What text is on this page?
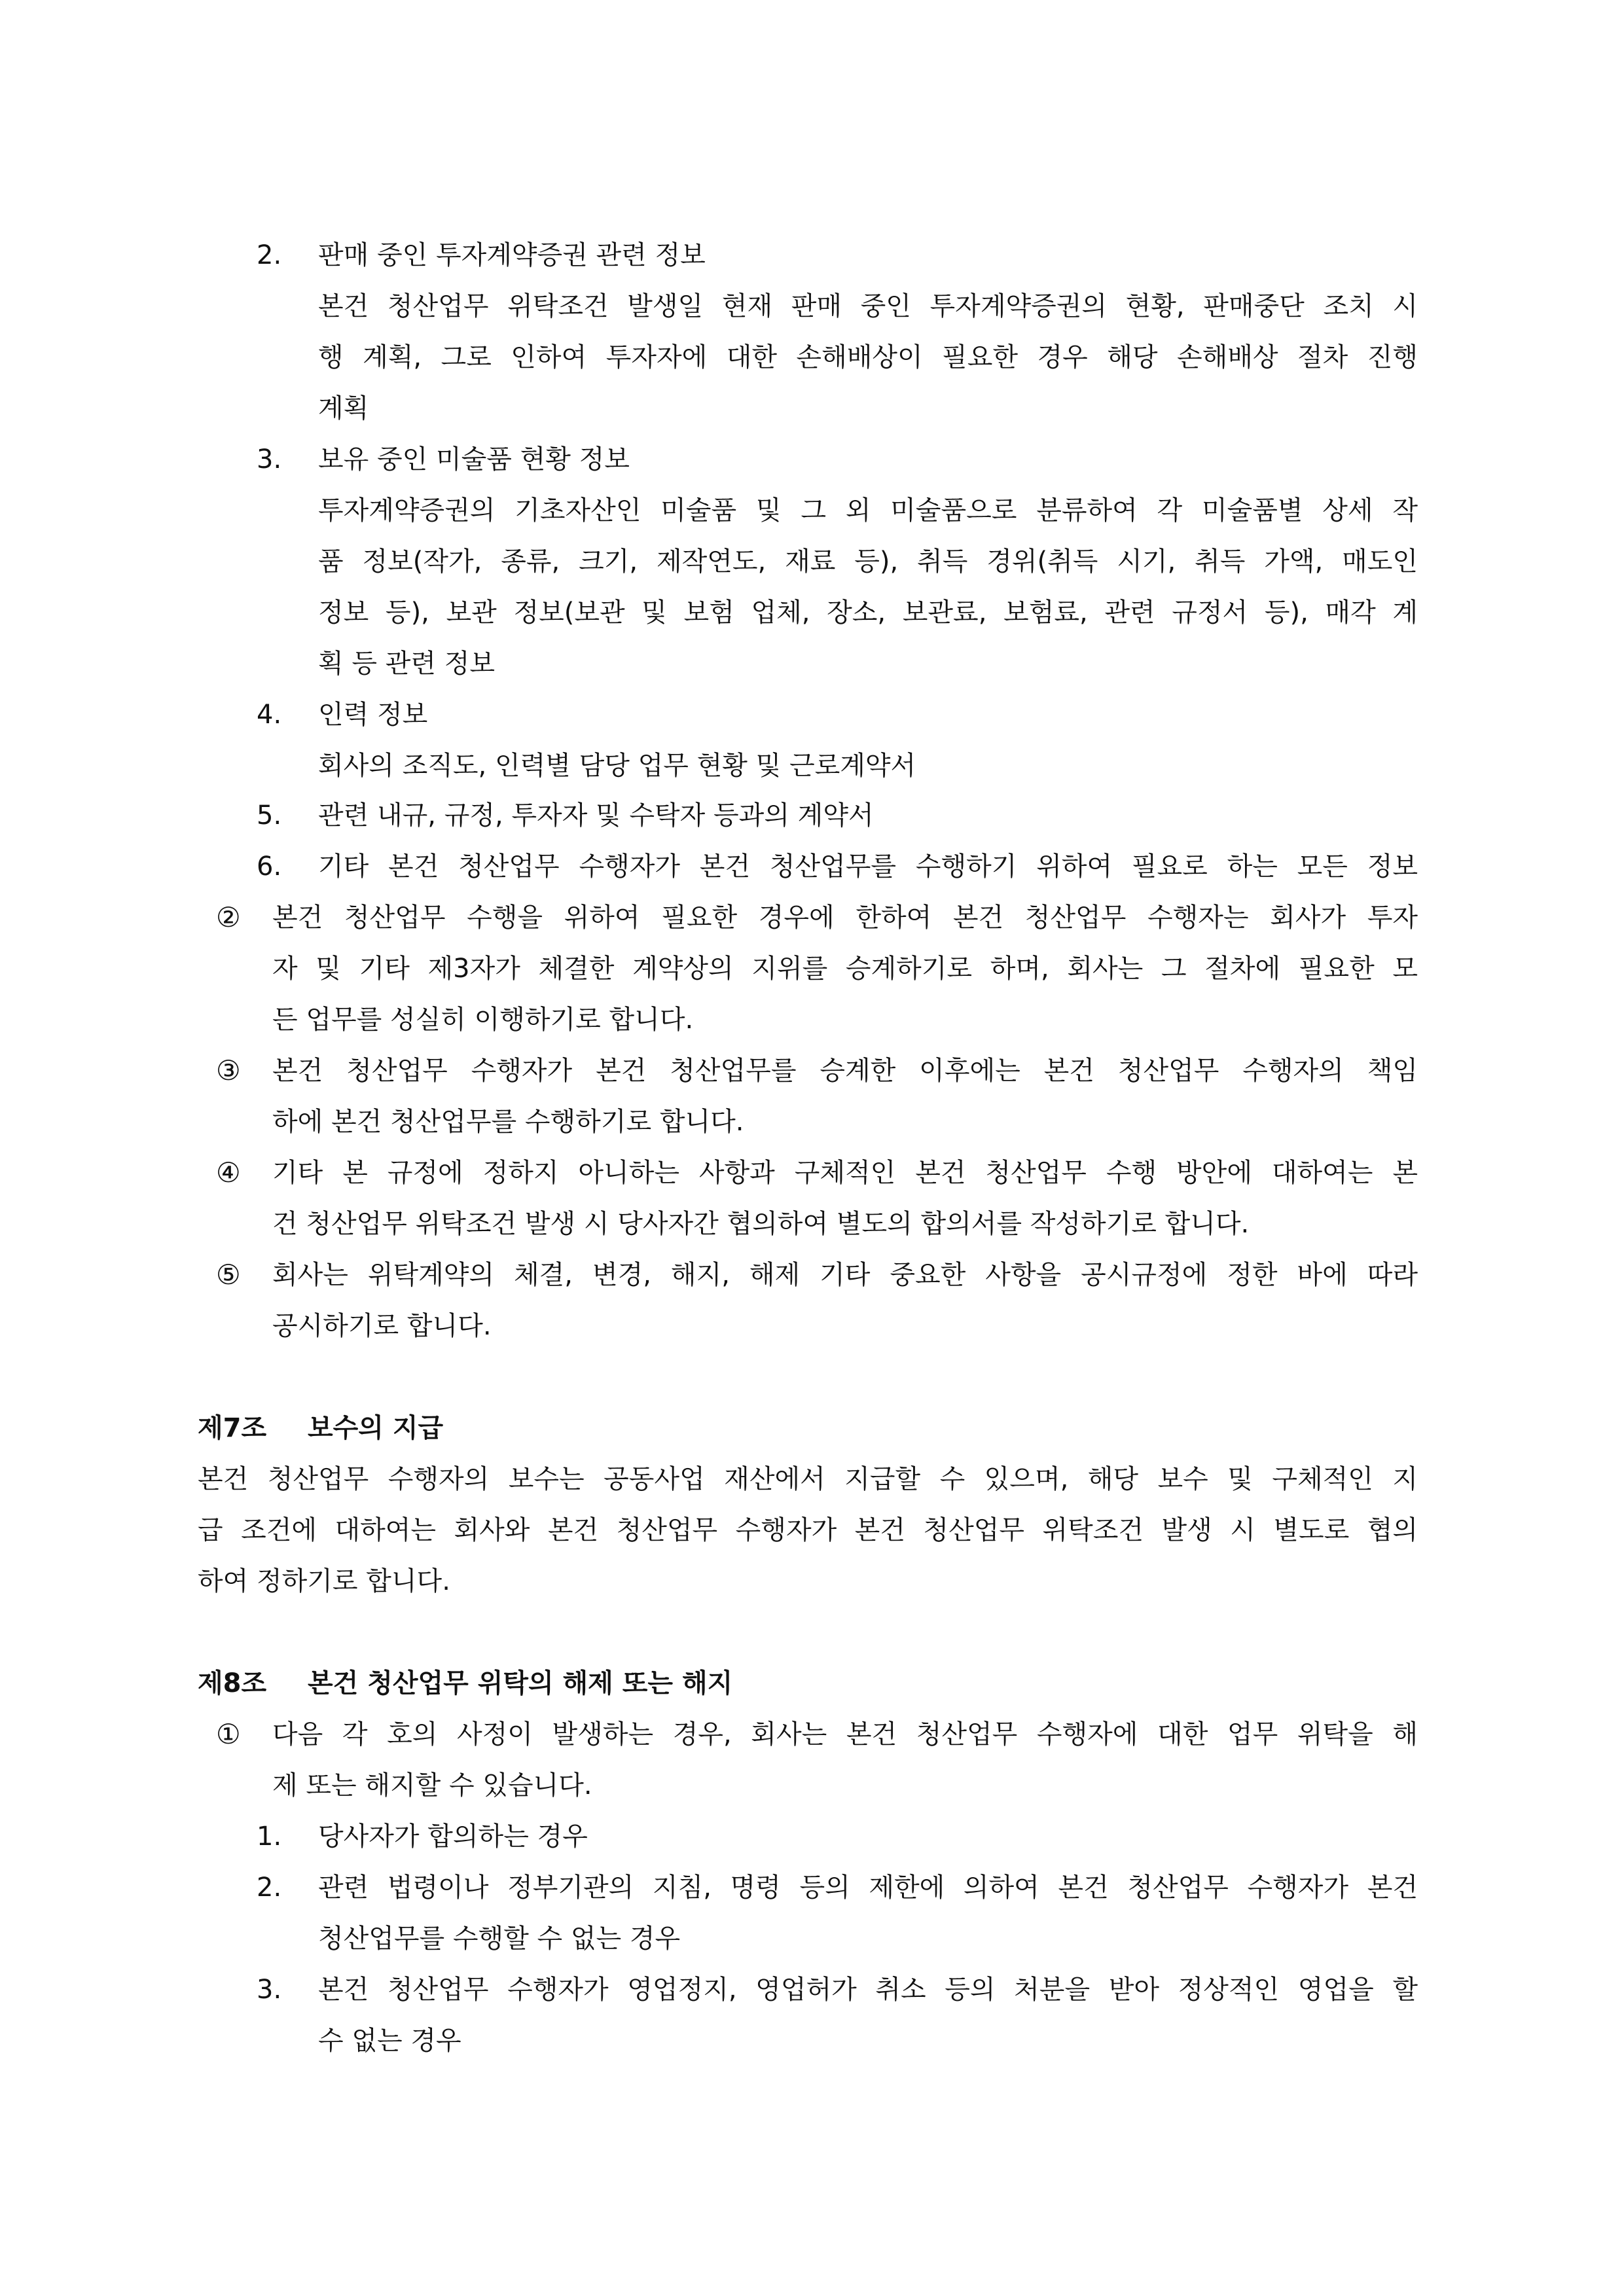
2. 판매 중인 투자계약증권 관련 정보
본건 청산업무 위탁조건 발생일 현재 판매 중인 투자계약증권의 현황, 판매중단 조치 시
행 계획, 그로 인하여 투자자에 대한 손해배상이 필요한 경우 해당 손해배상 절차 진행
계획
3. 보유 중인 미술품 현황 정보
투자계약증권의 기초자산인 미술품 및 그 외 미술품으로 분류하여 각 미술품별 상세 작
품 정보(작가, 종류, 크기, 제작연도, 재료 등), 취득 경위(취득 시기, 취득 가액, 매도인
정보 등), 보관 정보(보관 및 보험 업체, 장소, 보관료, 보험료, 관련 규정서 등), 매각 계
획 등 관련 정보
4. 인력 정보
회사의 조직도, 인력별 담당 업무 현황 및 근로계약서
5. 관련 내규, 규정, 투자자 및 수탁자 등과의 계약서
6. 기타 본건 청산업무 수행자가 본건 청산업무를 수행하기 위하여 필요로 하는 모든 정보
② 본건 청산업무 수행을 위하여 필요한 경우에 한하여 본건 청산업무 수행자는 회사가 투자
자 및 기타 제3자가 체결한 계약상의 지위를 승계하기로 하며, 회사는 그 절차에 필요한 모
든 업무를 성실히 이행하기로 합니다.
③ 본건 청산업무 수행자가 본건 청산업무를 승계한 이후에는 본건 청산업무 수행자의 책임
하에 본건 청산업무를 수행하기로 합니다.
④ 기타 본 규정에 정하지 아니하는 사항과 구체적인 본건 청산업무 수행 방안에 대하여는 본
건 청산업무 위탁조건 발생 시 당사자간 협의하여 별도의 합의서를 작성하기로 합니다.
⑤ 회사는 위탁계약의 체결, 변경, 해지, 해제 기타 중요한 사항을 공시규정에 정한 바에 따라
공시하기로 합니다.
제7조 보수의 지급
본건 청산업무 수행자의 보수는 공동사업 재산에서 지급할 수 있으며, 해당 보수 및 구체적인 지
급 조건에 대하여는 회사와 본건 청산업무 수행자가 본건 청산업무 위탁조건 발생 시 별도로 협의
하여 정하기로 합니다.
제8조 본건 청산업무 위탁의 해제 또는 해지
① 다음 각 호의 사정이 발생하는 경우, 회사는 본건 청산업무 수행자에 대한 업무 위탁을 해
제 또는 해지할 수 있습니다.
1. 당사자가 합의하는 경우
2. 관련 법령이나 정부기관의 지침, 명령 등의 제한에 의하여 본건 청산업무 수행자가 본건
청산업무를 수행할 수 없는 경우
3. 본건 청산업무 수행자가 영업정지, 영업허가 취소 등의 처분을 받아 정상적인 영업을 할
수 없는 경우
